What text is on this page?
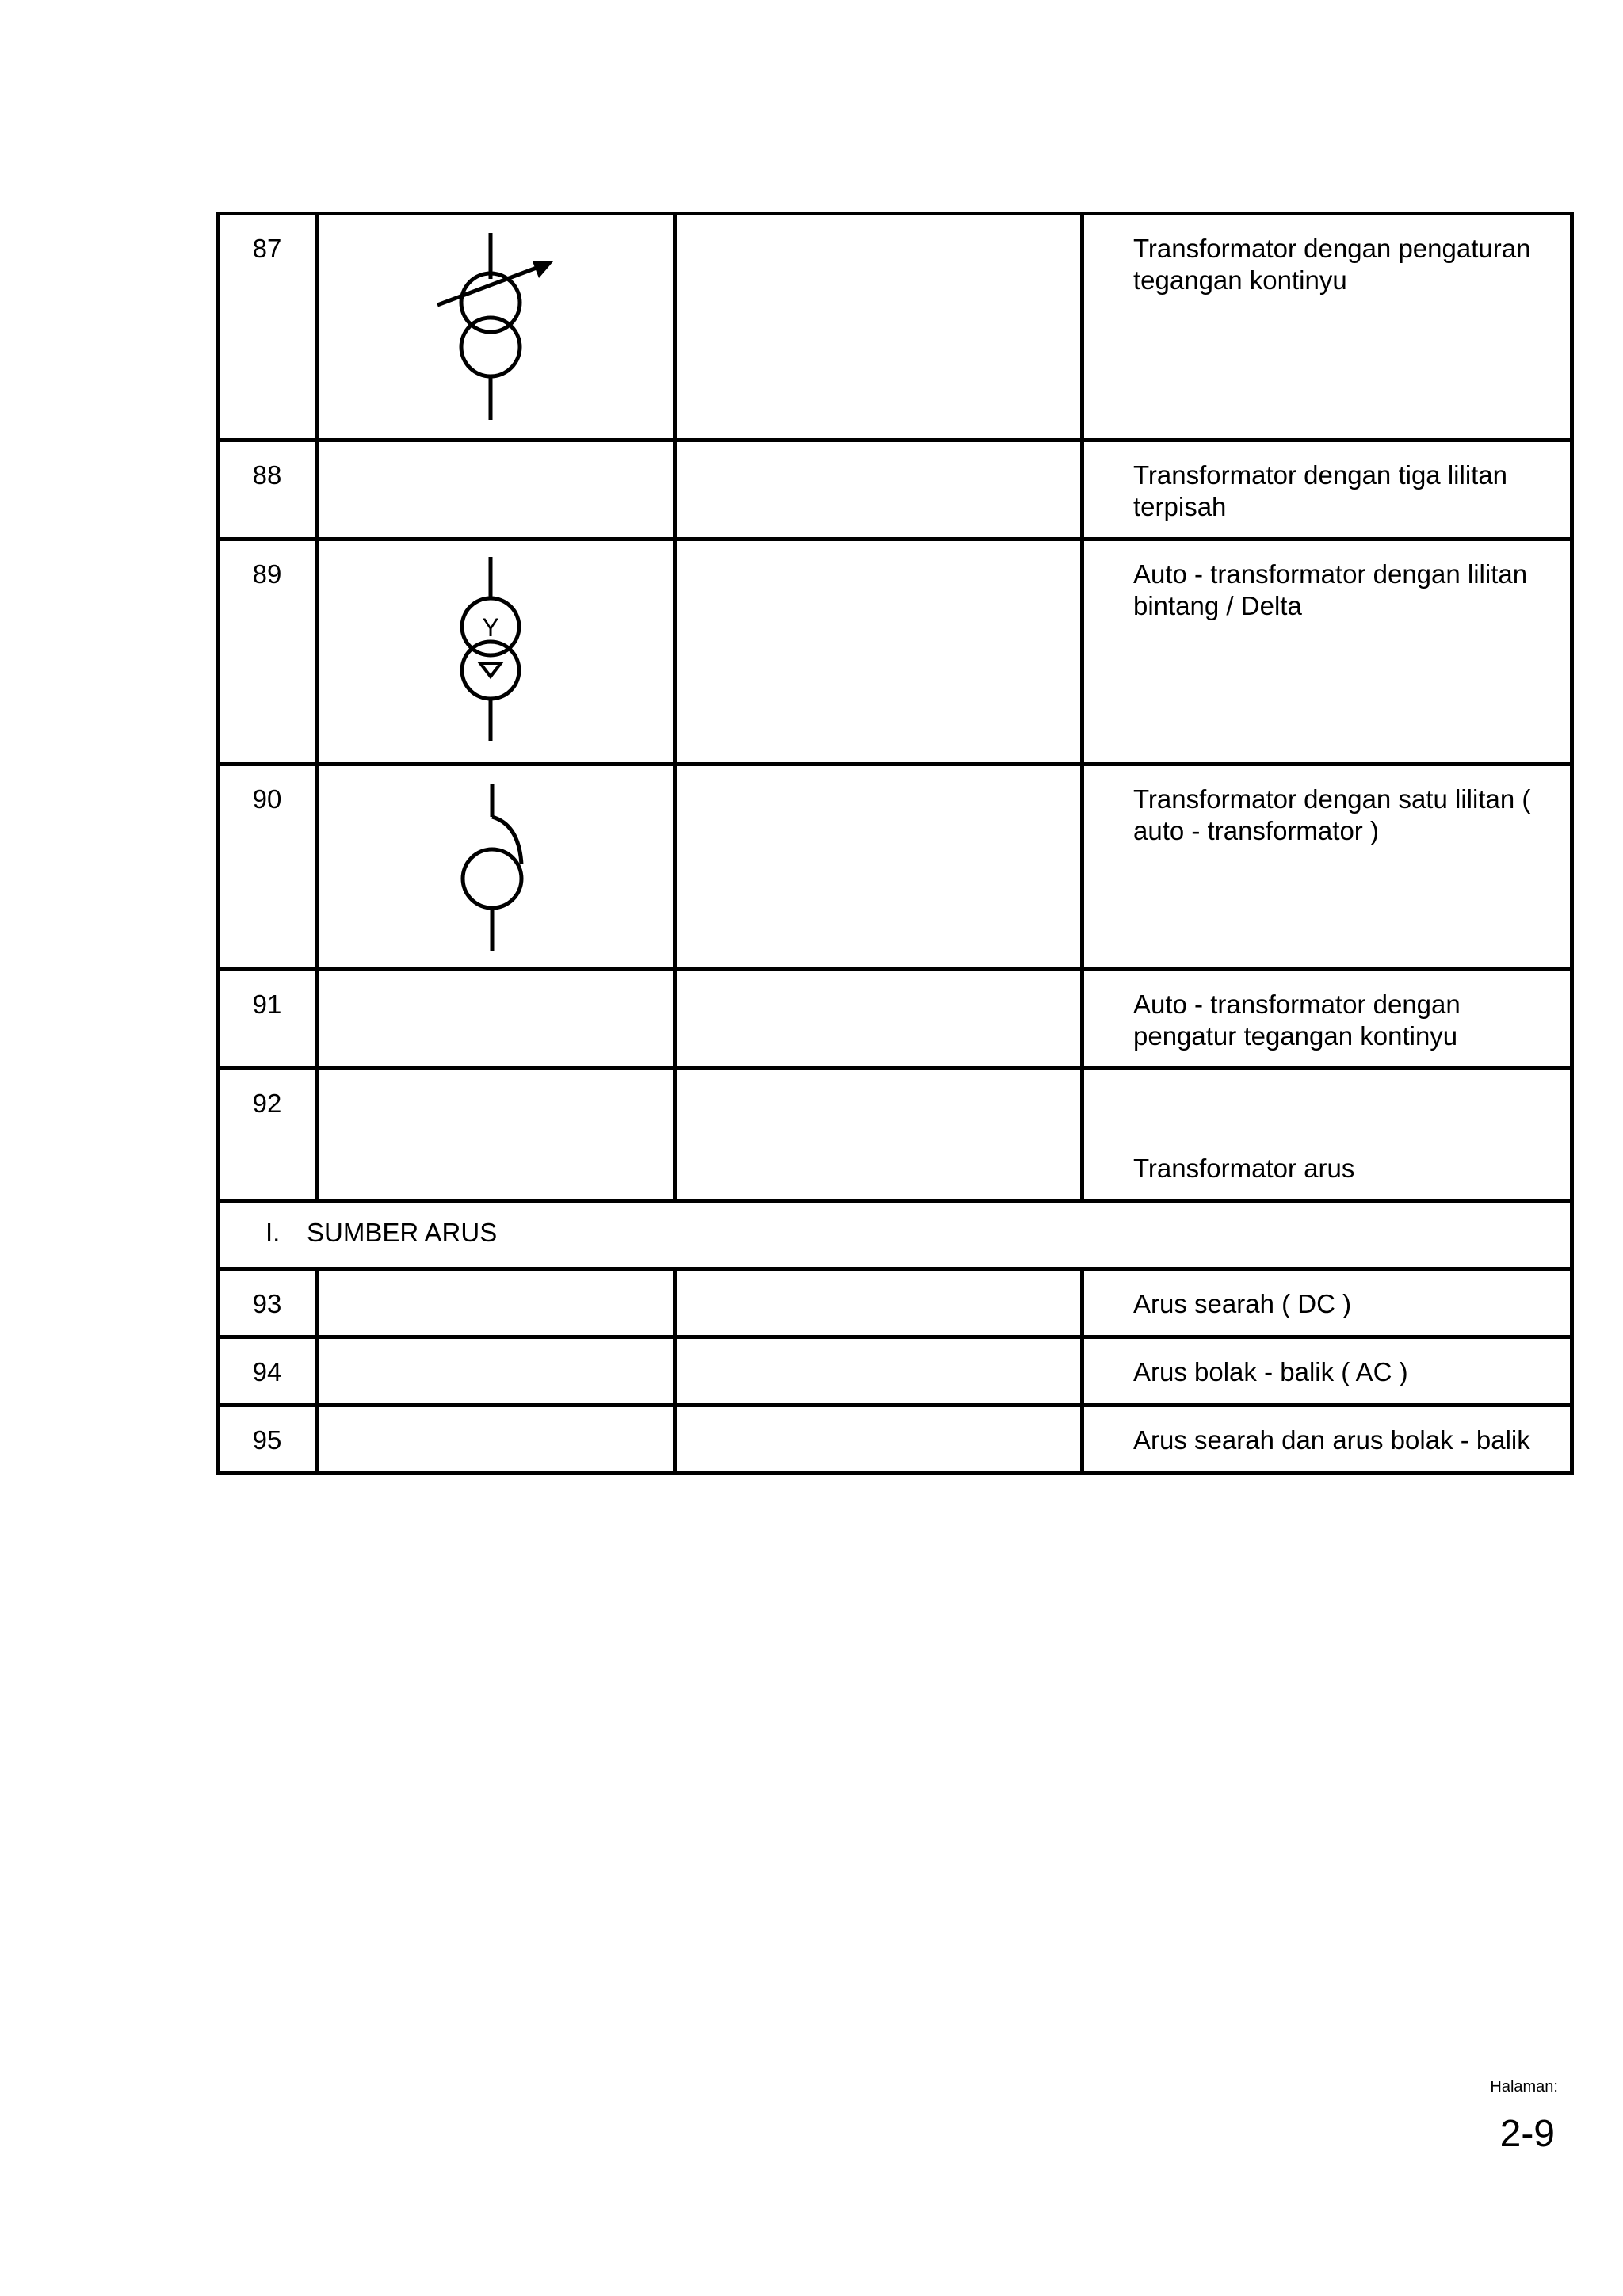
87			Transformator dengan pengaturan tegangan kontinyu
88			Transformator dengan tiga lilitan terpisah
89	Y		Auto - transformator dengan lilitan bintang / Delta
90			Transformator dengan satu lilitan ( auto - transformator )
91			Auto - transformator dengan pengatur tegangan kontinyu
92			Transformator arus
I. SUMBER ARUS			
93			Arus searah ( DC )
94			Arus bolak - balik ( AC )
95			Arus searah dan arus bolak - balik
Halaman:
2-9
